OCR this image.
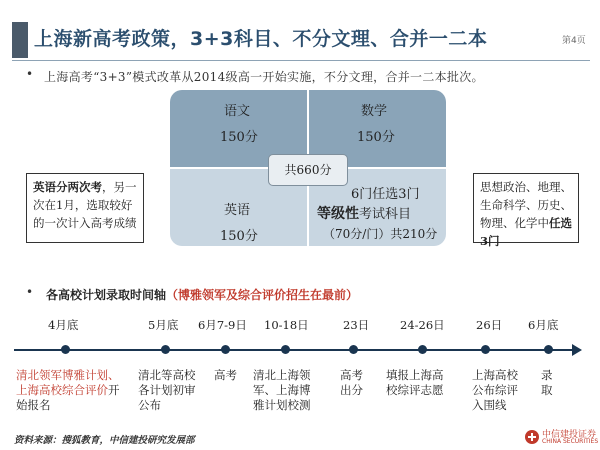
上海新高考政策，3+3科目、不分文理、合并一二本	第4页
• 上海高考“3+3”模式改革从2014级高一开始实施，不分文理，合并一二本批次。
语文
150分
数学
150分
英语
150分
6门任选3门
等级性考试科目
（70分/门）共210分
共660分
英语分两次考，另一次在1月，选取较好的一次计入高考成绩
思想政治、地理、生命科学、历史、物理、化学中任选3门
• 各高校计划录取时间轴（博雅领军及综合评价招生在最前）
4月底	5月底 6月7-9日 10-18日	23日	24-26日	26日 6月底
清北领军博雅计划、上海高校综合评价开始报名
清北等高校各计划初审公布
高考	清北上海领军、上海博雅计划校测
高考出分
填报上海高校综评志愿
上海高校公布综评入围线
录取
资料来源：搜狐教育，中信建投研究发展部	中信建投证券
CHINA SECURITIES
